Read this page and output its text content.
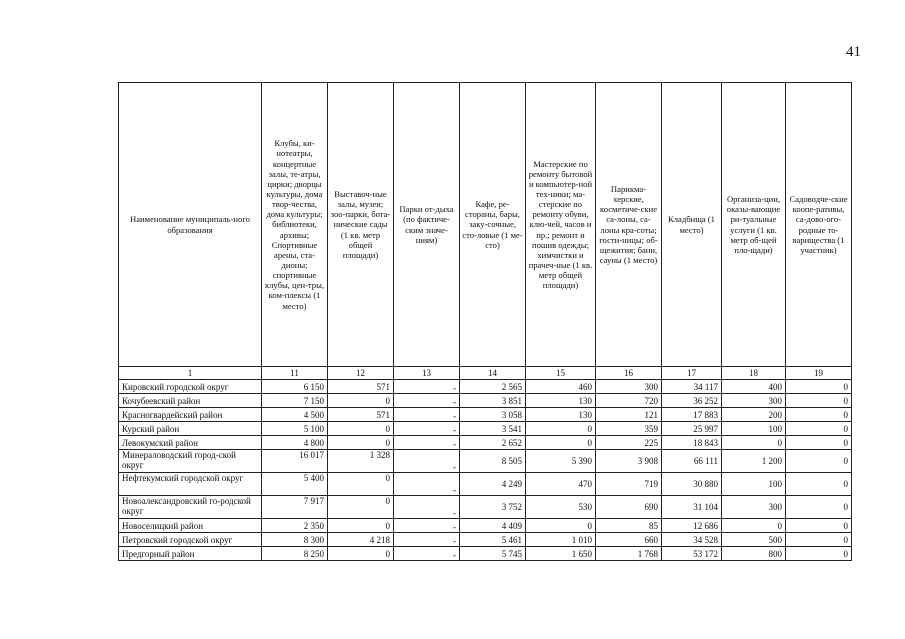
41
Наименование муниципаль-ного образования	Клубы, ки-нотеатры, концертные залы, те-атры, цирки; дворцы культуры, дома твор-чества, дома культуры; библиотеки, архивы; Спортивные арены, ста-дионы; спортивные клубы, цен-тры, ком-плексы (1 место)	Выставоч-ные залы, музеи; зоо-парки, бота-нические сады (1 кв. метр общей площади)	Парки от-дыха (по фактиче-ским значе-ниям)	Кафе, ре-стораны, бары, заку-сочные, сто-ловые (1 ме-сто)	Мастерские по ремонту бытовой и компьютер-ной тех-ники; ма-стерские по ремонту обуви, клю-чей, часов и пр.; ремонт и пошив одежды; химчистки и прачеч-ные (1 кв. метр общей площади)	Парикма-херские, косметиче-ские са-лоны, са-лоны кра-соты; гости-ницы; об-щежития; бани, сауны (1 место)	Кладбища (1 место)	Организа-ции, оказы-вающие ри-туальные услуги (1 кв. метр об-щей пло-щади)	Садоводче-ские коопе-ративы, са-дово-ого-родные то-варищества (1 участник)
1	11	12	13	14	15	16	17	18	19
Кировский городской округ	6 150	571	-	2 565	460	300	34 117	400	0
Кочубеевский район	7 150	0	-	3 851	130	720	36 252	300	0
Красногвардейский район	4 500	571	-	3 058	130	121	17 883	200	0
Курский район	5 100	0	-	3 541	0	359	25 997	100	0
Левокумский район	4 800	0	-	2 652	0	225	18 843	0	0
Минераловодский город-ской округ	16 017	1 328	-	8 505	5 390	3 908	66 111	1 200	0
Нефтекумский городской округ	5 400	0	-	4 249	470	719	30 880	100	0
Новоалександровский го-родской округ	7 917	0	-	3 752	530	690	31 104	300	0
Новоселицкий район	2 350	0	-	4 409	0	85	12 686	0	0
Петровский городской округ	8 300	4 218	-	5 461	1 010	660	34 528	500	0
Предгорный район	8 250	0	-	5 745	1 650	1 768	53 172	800	0
